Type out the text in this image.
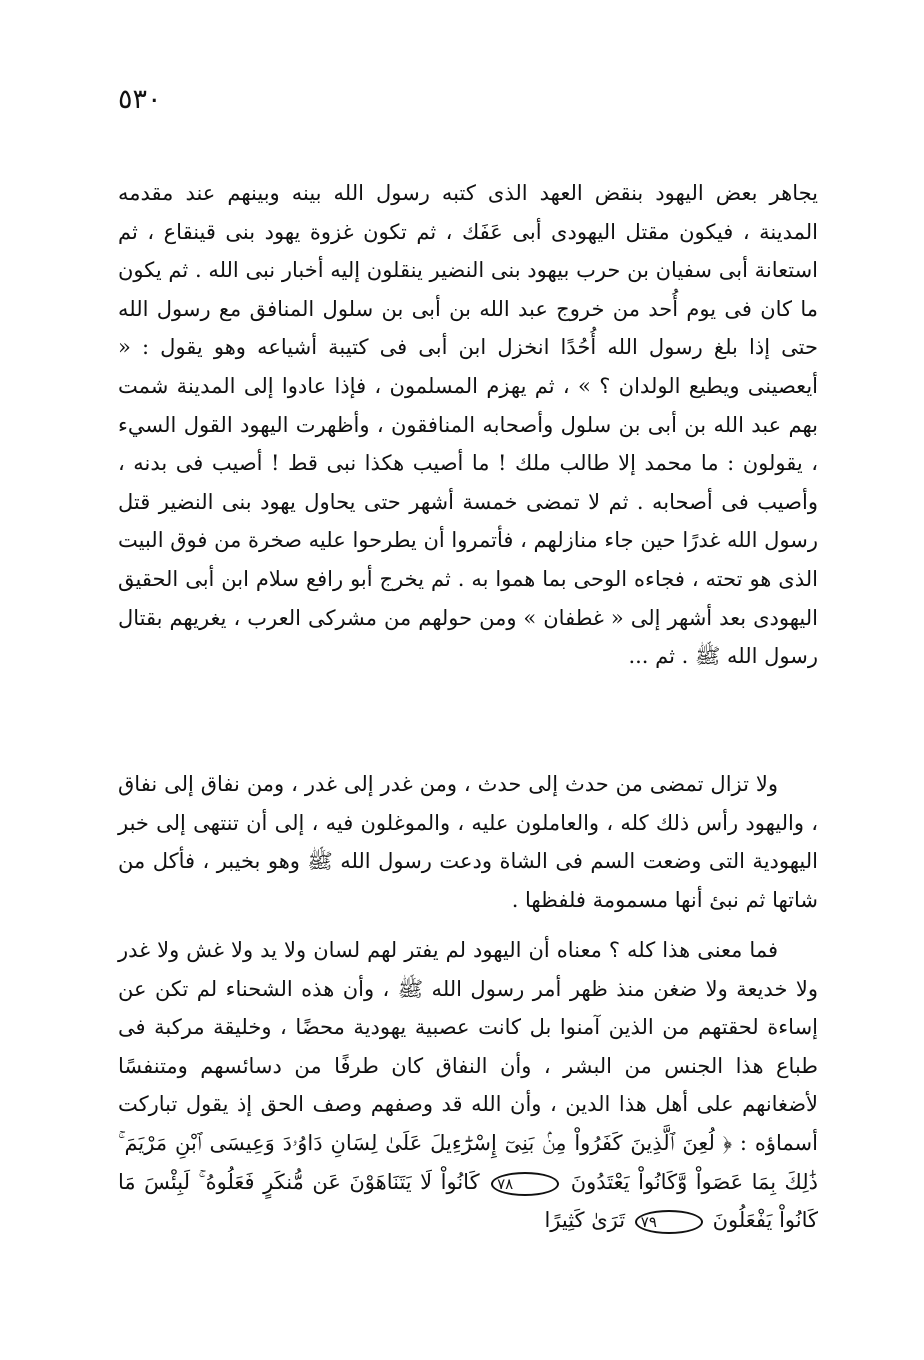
٥٣٠

يجاهر بعض اليهود بنقض العهد الذى كتبه رسول الله بينه وبينهم عند مقدمه المدينة ، فيكون مقتل اليهودى أبى عَفَك ، ثم تكون غزوة يهود بنى قينقاع ، ثم استعانة أبى سفيان بن حرب بيهود بنى النضير ينقلون إليه أخبار نبى الله . ثم يكون ما كان فى يوم أُحد من خروج عبد الله بن أبى بن سلول المنافق مع رسول الله حتى إذا بلغ رسول الله أُحُدًا انخزل ابن أبى فى كتيبة أشياعه وهو يقول : « أيعصينى ويطيع الولدان ؟ » ، ثم يهزم المسلمون ، فإذا عادوا إلى المدينة شمت بهم عبد الله بن أبى بن سلول وأصحابه المنافقون ، وأظهرت اليهود القول السيء ، يقولون : ما محمد إلا طالب ملك ! ما أصيب هكذا نبى قط ! أصيب فى بدنه ، وأصيب فى أصحابه . ثم لا تمضى خمسة أشهر حتى يحاول يهود بنى النضير قتل رسول الله غدرًا حين جاء منازلهم ، فأتمروا أن يطرحوا عليه صخرة من فوق البيت الذى هو تحته ، فجاءه الوحى بما هموا به . ثم يخرج أبو رافع سلام ابن أبى الحقيق اليهودى بعد أشهر إلى « غطفان » ومن حولهم من مشركى العرب ، يغريهم بقتال رسول الله ﷺ . ثم ...

ولا تزال تمضى من حدث إلى حدث ، ومن غدر إلى غدر ، ومن نفاق إلى نفاق ، واليهود رأس ذلك كله ، والعاملون عليه ، والموغلون فيه ، إلى أن تنتهى إلى خبر اليهودية التى وضعت السم فى الشاة ودعت رسول الله ﷺ وهو بخيبر ، فأكل من شاتها ثم نبئ أنها مسمومة فلفظها .

فما معنى هذا كله ؟ معناه أن اليهود لم يفتر لهم لسان ولا يد ولا غش ولا غدر ولا خديعة ولا ضغن منذ ظهر أمر رسول الله ﷺ ، وأن هذه الشحناء لم تكن عن إساءة لحقتهم من الذين آمنوا بل كانت عصبية يهودية محضًا ، وخليقة مركبة فى طباع هذا الجنس من البشر ، وأن النفاق كان طرفًا من دسائسهم ومتنفسًا لأضغانهم على أهل هذا الدين ، وأن الله قد وصفهم وصف الحق إذ يقول تباركت أسماؤه : ﴿ لُعِنَ ٱلَّذِينَ كَفَرُواْ مِنۢ بَنِىٓ إِسْرَٰٓءِيلَ عَلَىٰ لِسَانِ دَاوُۥدَ وَعِيسَى ٱبْنِ مَرْيَمَ ۚ ذَٰلِكَ بِمَا عَصَواْ وَّكَانُواْ يَعْتَدُونَ ٧٨ كَانُواْ لَا يَتَنَاهَوْنَ عَن مُّنكَرٍ فَعَلُوهُ ۚ لَبِئْسَ مَا كَانُواْ يَفْعَلُونَ ٧٩ تَرَىٰ كَثِيرًا
